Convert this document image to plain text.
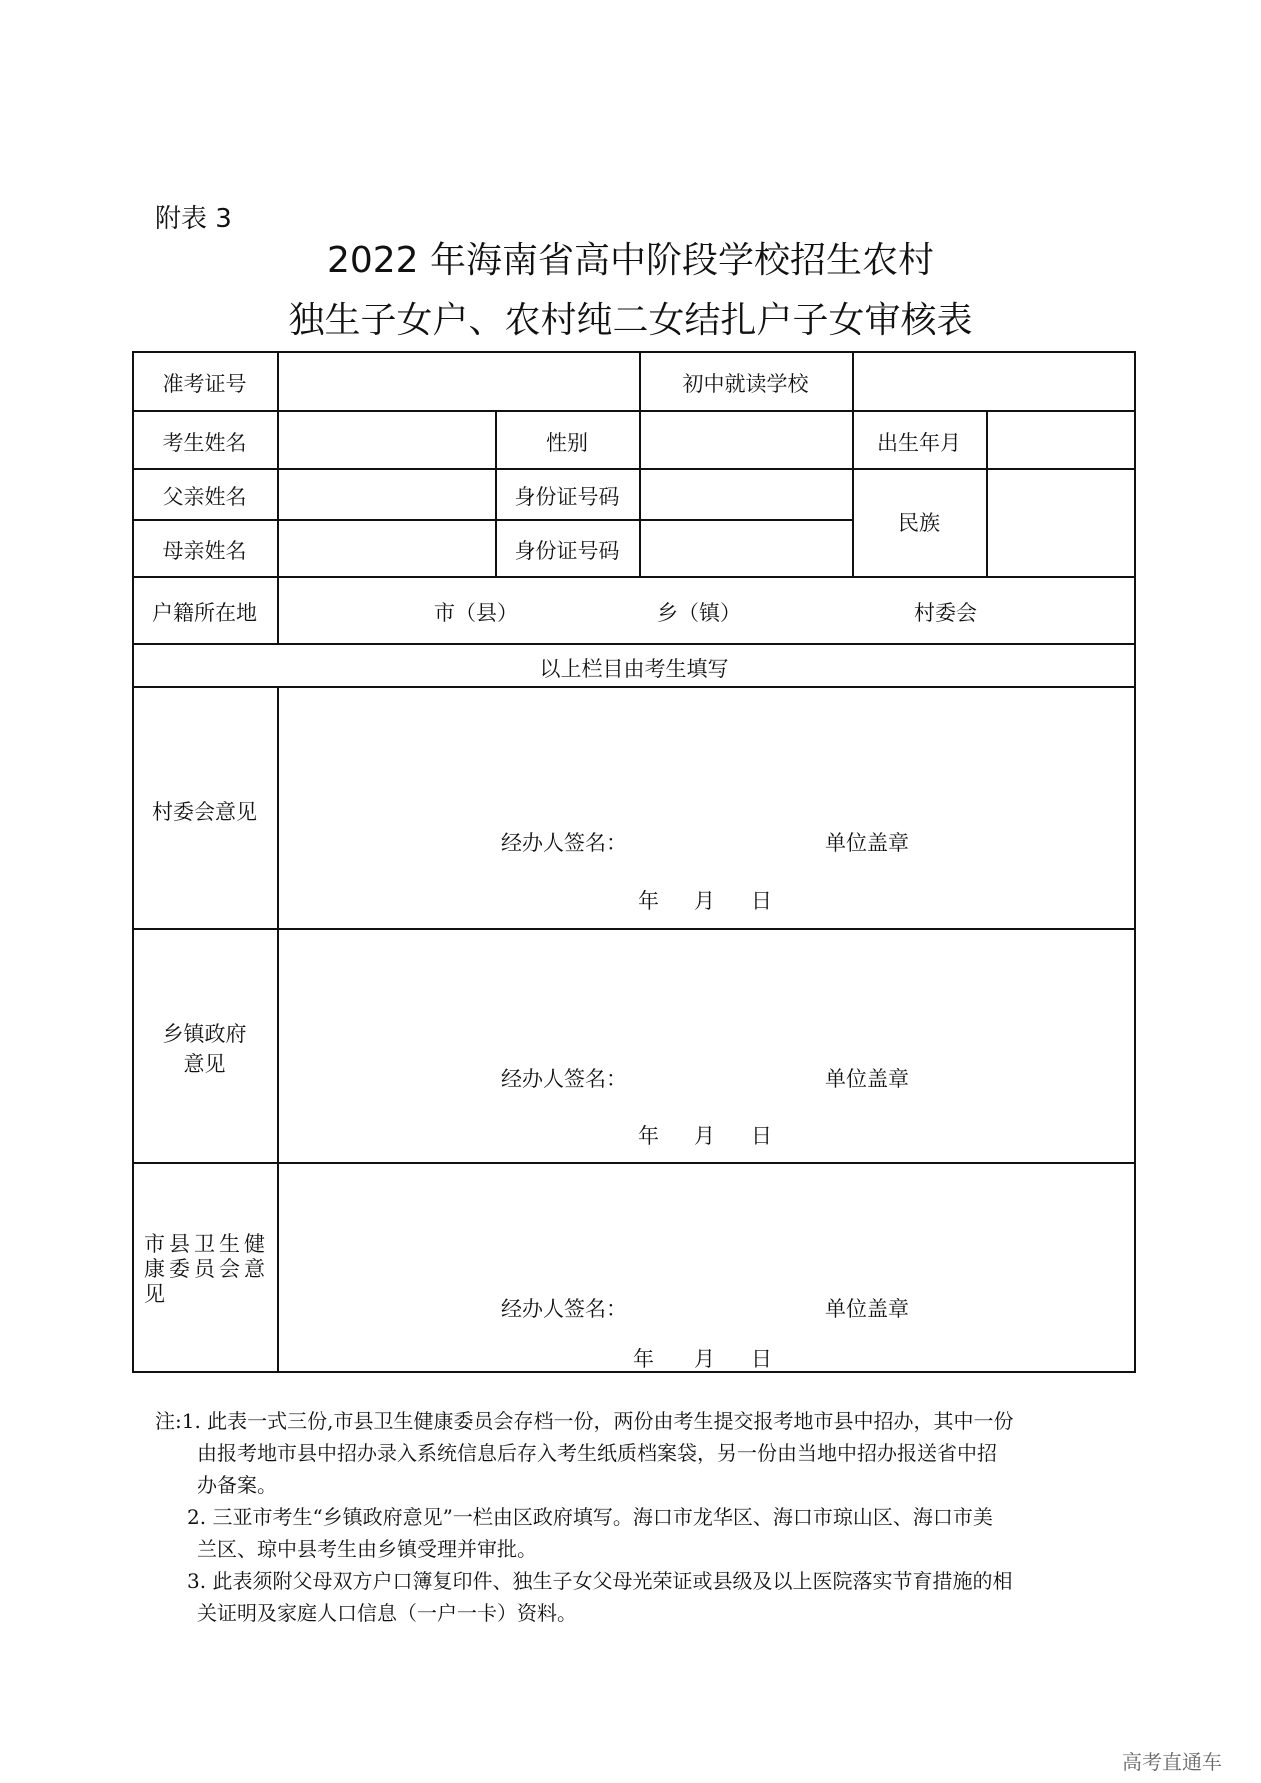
附表 3
2022 年海南省高中阶段学校招生农村
独生子女户、农村纯二女结扎户子女审核表
准考证号	初中就读学校
考生姓名	性别	出生年月
父亲姓名	身份证号码
民族
母亲姓名	身份证号码
户籍所在地	市（县）	乡（镇）	村委会
以上栏目由考生填写
村委会意见
经办人签名：	单位盖章
年 月 日
乡镇政府
意见
经办人签名：	单位盖章
年 月 日
市县卫生健
康委员会意
见
经办人签名：	单位盖章
年 月 日
注:1. 此表一式三份,市县卫生健康委员会存档一份，两份由考生提交报考地市县中招办，其中一份
由报考地市县中招办录入系统信息后存入考生纸质档案袋，另一份由当地中招办报送省中招
办备案。
2. 三亚市考生“乡镇政府意见”一栏由区政府填写。海口市龙华区、海口市琼山区、海口市美
兰区、琼中县考生由乡镇受理并审批。
3. 此表须附父母双方户口簿复印件、独生子女父母光荣证或县级及以上医院落实节育措施的相
关证明及家庭人口信息（一户一卡）资料。
高考直通车
